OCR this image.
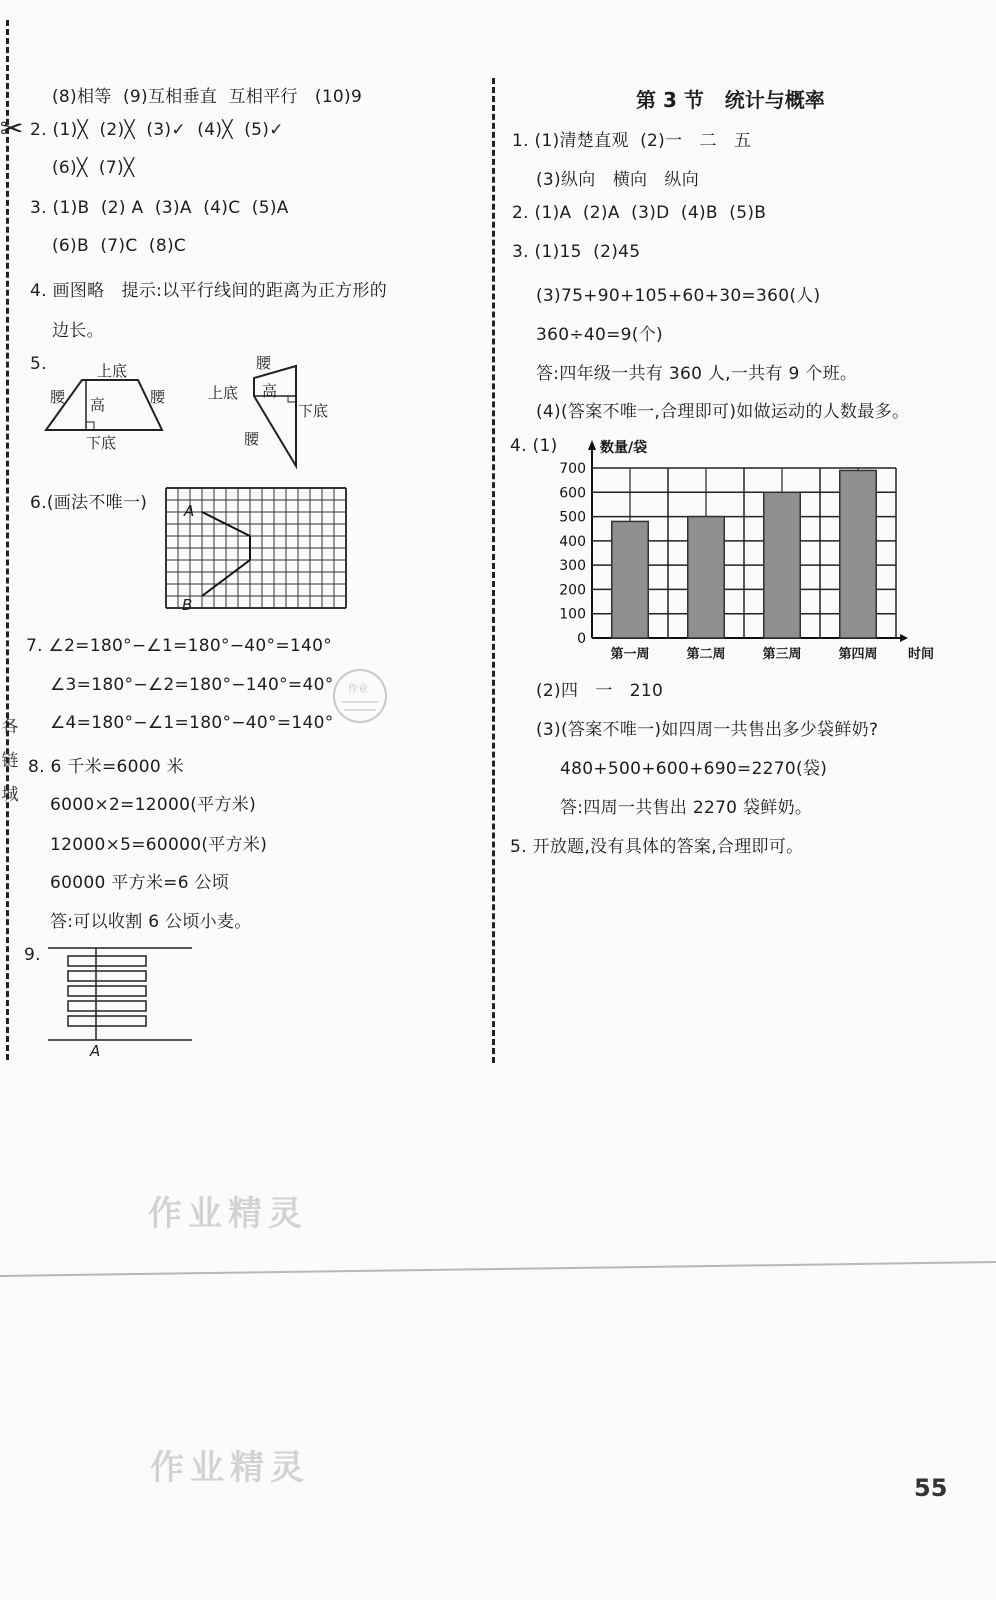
各链城
✂
(8)相等  (9)互相垂直  互相平行   (10)9
2. (1)╳  (2)╳  (3)✓  (4)╳  (5)✓
(6)╳  (7)╳
3. (1)B  (2) A  (3)A  (4)C  (5)A
(6)B  (7)C  (8)C
4. 画图略   提示:以平行线间的距离为正方形的
边长。
5.	上底
腰 高	腰
下底
腰
上底 高
下底
腰
6.(画法不唯一) A
B
7. ∠2=180°−∠1=180°−40°=140°
∠3=180°−∠2=180°−140°=40°
∠4=180°−∠1=180°−40°=140°
作业
8. 6 千米=6000 米
6000×2=12000(平方米)
12000×5=60000(平方米)
60000 平方米=6 公顷
答:可以收割 6 公顷小麦。
9.
A
第 3 节   统计与概率
1. (1)清楚直观  (2)一   二   五
(3)纵向   横向   纵向
2. (1)A  (2)A  (3)D  (4)B  (5)B
3. (1)15  (2)45
(3)75+90+105+60+30=360(人)
360÷40=9(个)
答:四年级一共有 360 人,一共有 9 个班。
(4)(答案不唯一,合理即可)如做运动的人数最多。
4. (1)
0
100
200
300
400
500
600
700
第一周	第二周	第三周	第四周
数量/袋
时间
(2)四   一   210
(3)(答案不唯一)如四周一共售出多少袋鲜奶?
480+500+600+690=2270(袋)
答:四周一共售出 2270 袋鲜奶。
5. 开放题,没有具体的答案,合理即可。
作业精灵
作业精灵	55
